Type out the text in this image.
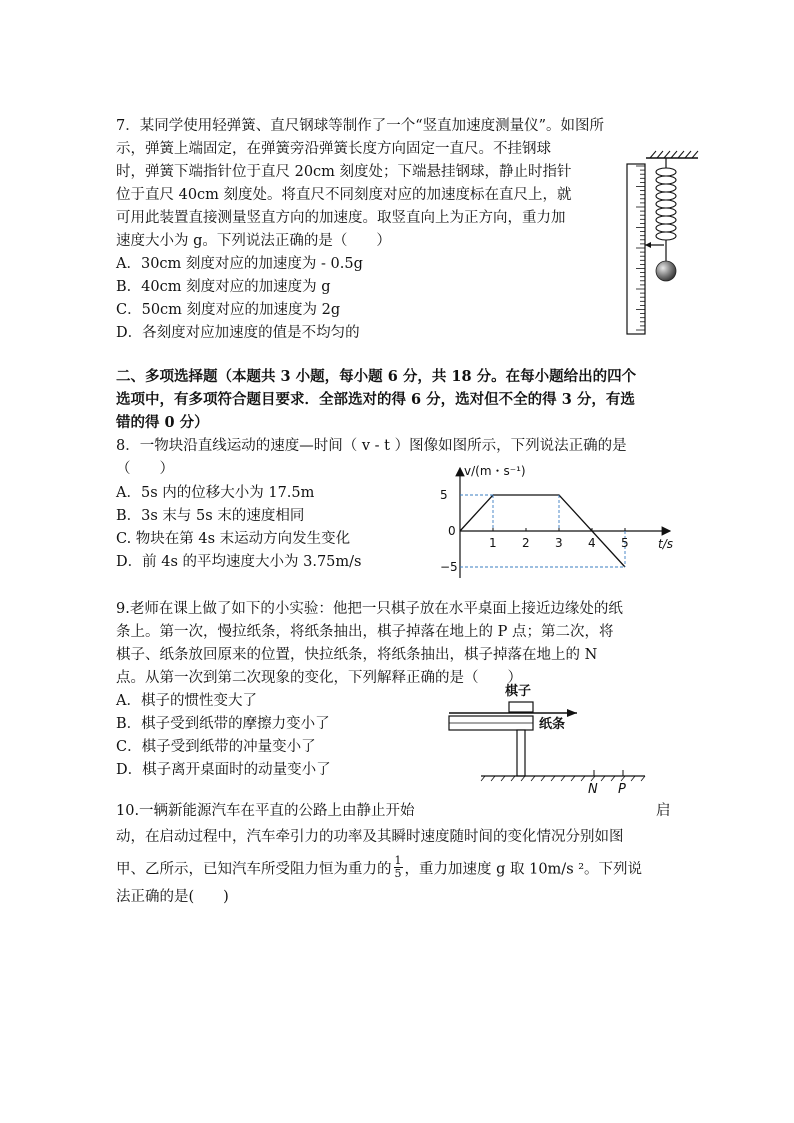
7．某同学使用轻弹簧、直尺钢球等制作了一个“竖直加速度测量仪”。如图所
示，弹簧上端固定，在弹簧旁沿弹簧长度方向固定一直尺。不挂钢球
时，弹簧下端指针位于直尺 20cm 刻度处；下端悬挂钢球，静止时指针
位于直尺 40cm 刻度处。将直尺不同刻度对应的加速度标在直尺上，就
可用此装置直接测量竖直方向的加速度。取竖直向上为正方向，重力加
速度大小为 g。下列说法正确的是（　　）
A．30cm 刻度对应的加速度为 - 0.5g
B．40cm 刻度对应的加速度为 g
C．50cm 刻度对应的加速度为 2g
D．各刻度对应加速度的值是不均匀的
二、多项选择题（本题共 3 小题，每小题 6 分，共 18 分。在每小题给出的四个
选项中，有多项符合题目要求．全部选对的得 6 分，选对但不全的得 3 分，有选
错的得 0 分）
8．一物块沿直线运动的速度—时间（ v - t ）图像如图所示，下列说法正确的是
（　　）
A．5s 内的位移大小为 17.5m
B．3s 末与 5s 末的速度相同
C. 物块在第 4s 末运动方向发生变化
D．前 4s 的平均速度大小为 3.75m/s
v/(m・s⁻¹)
t/s
0
1 2 3 4 5
5
−5
9.老师在课上做了如下的小实验：他把一只棋子放在水平桌面上接近边缘处的纸
条上。第一次，慢拉纸条，将纸条抽出，棋子掉落在地上的 P 点；第二次，将
棋子、纸条放回原来的位置，快拉纸条，将纸条抽出，棋子掉落在地上的 N
点。从第一次到第二次现象的变化，下列解释正确的是（　　）
A．棋子的惯性变大了
B．棋子受到纸带的摩擦力变小了
C．棋子受到纸带的冲量变小了
D．棋子离开桌面时的动量变小了
棋子
纸条
N P
10.一辆新能源汽车在平直的公路上由静止开始	启
动，在启动过程中，汽车牵引力的功率及其瞬时速度随时间的变化情况分别如图
甲、乙所示，已知汽车所受阻力恒为重力的 $\frac{1}{5}$ ，重力加速度 g 取 10m/s ²。下列说
法正确的是(　　)
